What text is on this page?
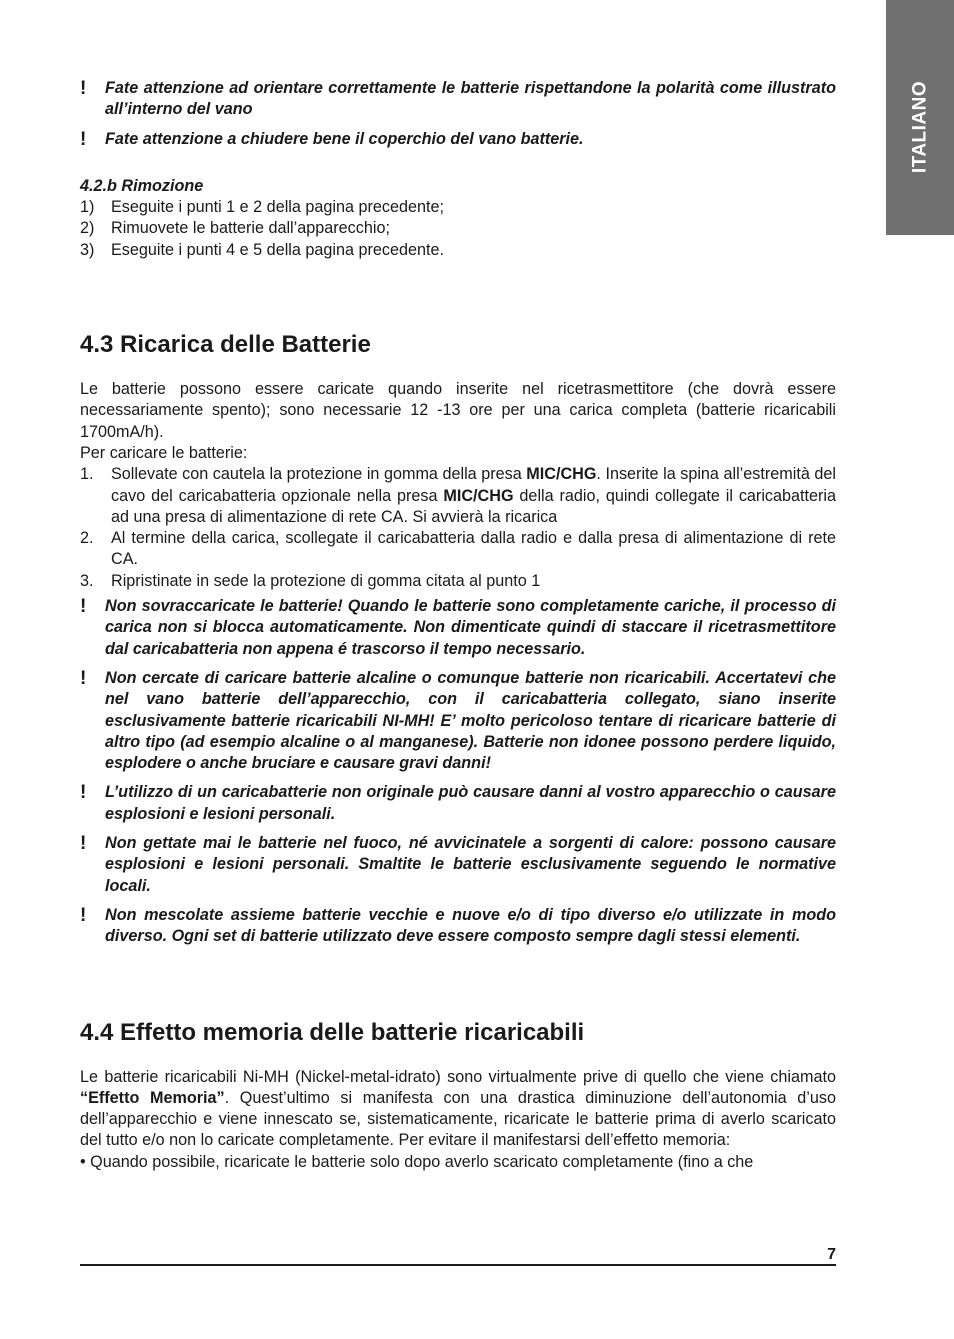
ITALIANO
! Fate attenzione ad orientare correttamente le batterie rispettandone la polarità come illustrato all’interno del vano
! Fate attenzione a chiudere bene il coperchio del vano batterie.
4.2.b Rimozione
1) Eseguite i punti 1 e 2 della pagina precedente;
2) Rimuovete le batterie dall’apparecchio;
3) Eseguite i punti 4 e 5 della pagina precedente.
4.3 Ricarica delle Batterie

Le batterie possono essere caricate quando inserite nel ricetrasmettitore (che dovrà essere necessariamente spento); sono necessarie 12 -13 ore per una carica completa (batterie ricaricabili 1700mA/h).

Per caricare le batterie:

1. Sollevate con cautela la protezione in gomma della presa MIC/CHG. Inserite la spina all’estremità del cavo del caricabatteria opzionale nella presa MIC/CHG della radio, quindi collegate il caricabatteria ad una presa di alimentazione di rete CA. Si avvierà la ricarica
2. Al termine della carica, scollegate il caricabatteria dalla radio e dalla presa di alimentazione di rete CA.
3. Ripristinate in sede la protezione di gomma citata al punto 1
! Non sovraccaricate le batterie! Quando le batterie sono completamente cariche, il processo di carica non si blocca automaticamente. Non dimenticate quindi di staccare il ricetrasmettitore dal caricabatteria non appena é trascorso il tempo necessario.
! Non cercate di caricare batterie alcaline o comunque batterie non ricaricabili. Accertatevi che nel vano batterie dell’apparecchio, con il caricabatteria collegato, siano inserite esclusivamente batterie ricaricabili NI-MH! E’ molto pericoloso tentare di ricaricare batterie di altro tipo (ad esempio alcaline o al manganese). Batterie non idonee possono perdere liquido, esplodere o anche bruciare e causare gravi danni!
! L’utilizzo di un caricabatterie non originale può causare danni al vostro apparecchio o causare esplosioni e lesioni personali.
! Non gettate mai le batterie nel fuoco, né avvicinatele a sorgenti di calore: possono causare esplosioni e lesioni personali. Smaltite le batterie esclusivamente seguendo le normative locali.
! Non mescolate assieme batterie vecchie e nuove e/o di tipo diverso e/o utilizzate in modo diverso. Ogni set di batterie utilizzato deve essere composto sempre dagli stessi elementi.
4.4 Effetto memoria delle batterie ricaricabili

Le batterie ricaricabili Ni-MH (Nickel-metal-idrato) sono virtualmente prive di quello che viene chiamato “Effetto Memoria”. Quest’ultimo si manifesta con una drastica diminuzione dell’autonomia d’uso dell’apparecchio e viene innescato se, sistematicamente, ricaricate le batterie prima di averlo scaricato del tutto e/o non lo caricate completamente. Per evitare il manifestarsi dell’effetto memoria:

• Quando possibile, ricaricate le batterie solo dopo averlo scaricato completamente (fino a che

7
